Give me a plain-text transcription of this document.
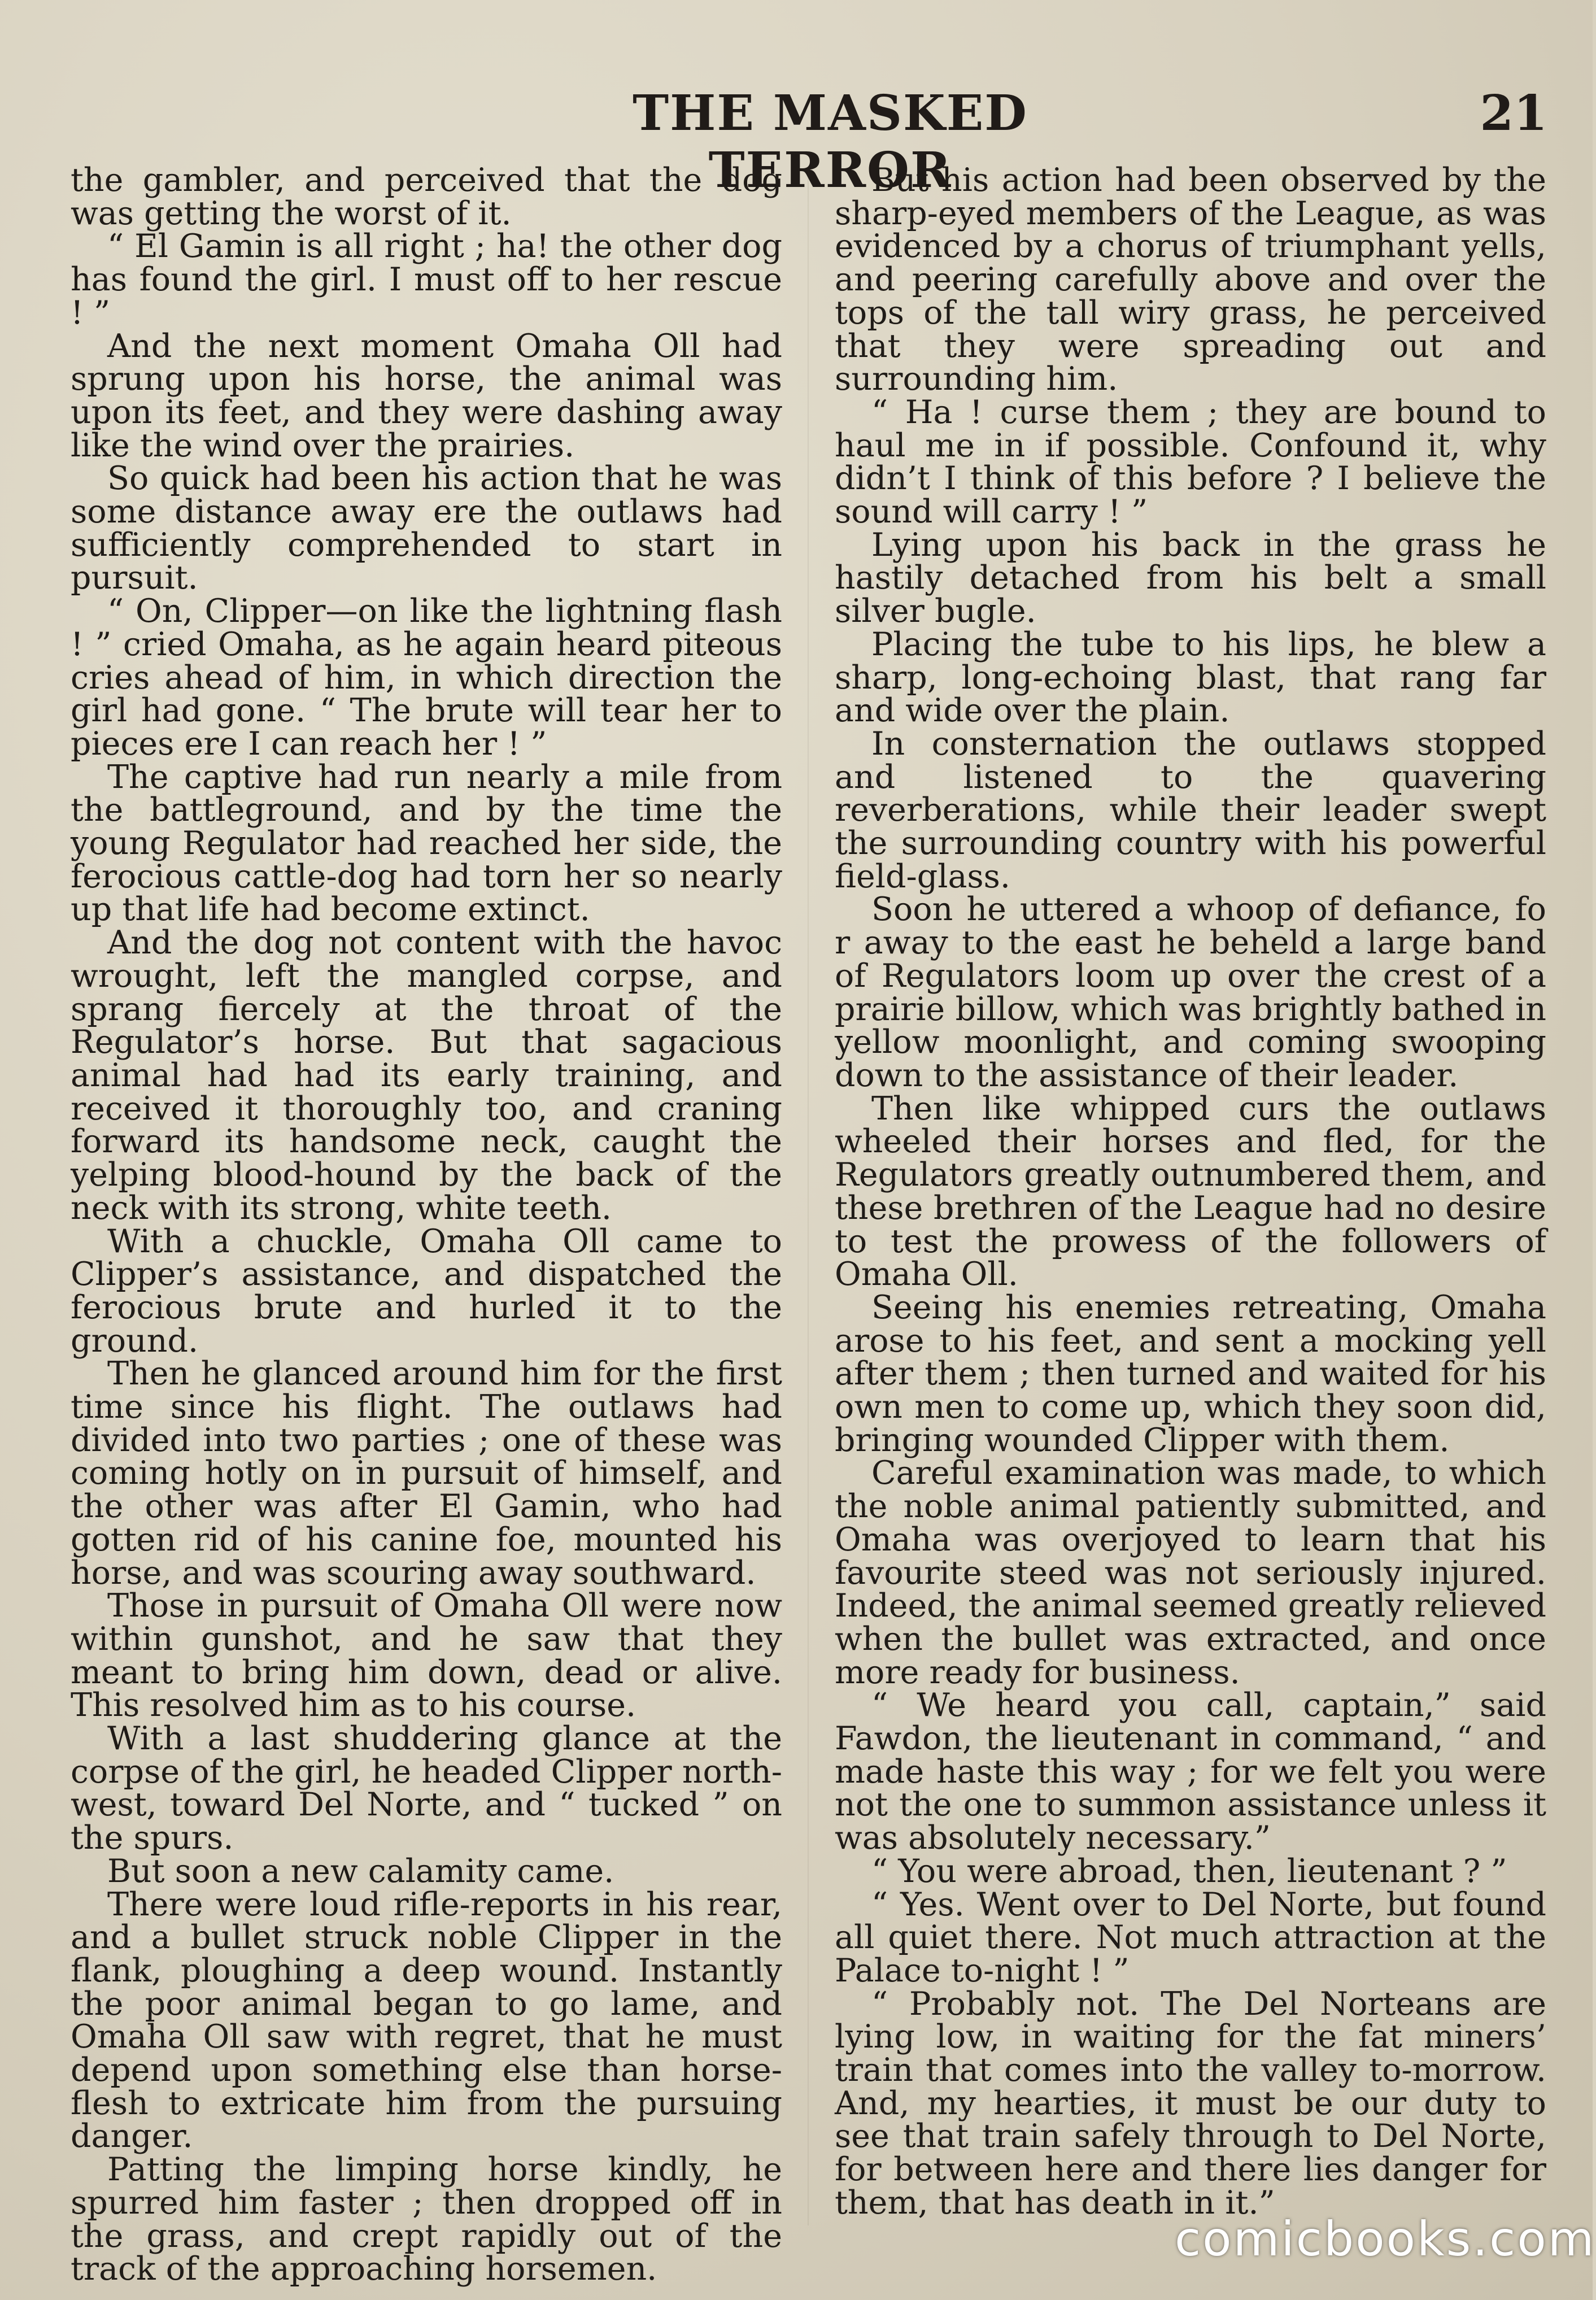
THE MASKED TERROR
21

the gambler, and perceived that the dog was getting the worst of it.

“ El Gamin is all right ; ha! the other dog has found the girl. I must off to her rescue ! ”

And the next moment Omaha Oll had sprung upon his horse, the animal was upon its feet, and they were dashing away like the wind over the prairies.

So quick had been his action that he was some distance away ere the outlaws had sufficiently comprehended to start in pursuit.

“ On, Clipper—on like the lightning flash ! ” cried Omaha, as he again heard piteous cries ahead of him, in which direction the girl had gone. “ The brute will tear her to pieces ere I can reach her ! ”

The captive had run nearly a mile from the battleground, and by the time the young Regulator had reached her side, the ferocious cattle-dog had torn her so nearly up that life had become extinct.

And the dog not content with the havoc wrought, left the mangled corpse, and sprang fiercely at the throat of the Regulator’s horse. But that sagacious animal had had its early training, and received it thoroughly too, and craning forward its handsome neck, caught the yelping blood-hound by the back of the neck with its strong, white teeth.

With a chuckle, Omaha Oll came to Clipper’s assistance, and dispatched the ferocious brute and hurled it to the ground.

Then he glanced around him for the first time since his flight. The outlaws had divided into two parties ; one of these was coming hotly on in pursuit of himself, and the other was after El Gamin, who had gotten rid of his canine foe, mounted his horse, and was scouring away southward.

Those in pursuit of Omaha Oll were now within gunshot, and he saw that they meant to bring him down, dead or alive. This resolved him as to his course.

With a last shuddering glance at the corpse of the girl, he headed Clipper north-west, toward Del Norte, and “ tucked ” on the spurs.

But soon a new calamity came.

There were loud rifle-reports in his rear, and a bullet struck noble Clipper in the flank, ploughing a deep wound. Instantly the poor animal began to go lame, and Omaha Oll saw with regret, that he must depend upon something else than horse-flesh to extricate him from the pursuing danger.

Patting the limping horse kindly, he spurred him faster ; then dropped off in the grass, and crept rapidly out of the track of the approaching horsemen.

But his action had been observed by the sharp-eyed members of the League, as was evidenced by a chorus of triumphant yells, and peering carefully above and over the tops of the tall wiry grass, he perceived that they were spreading out and surrounding him.

“ Ha ! curse them ; they are bound to haul me in if possible. Confound it, why didn’t I think of this before ? I believe the sound will carry ! ”

Lying upon his back in the grass he hastily detached from his belt a small silver bugle.

Placing the tube to his lips, he blew a sharp, long-echoing blast, that rang far and wide over the plain.

In consternation the outlaws stopped and listened to the quavering reverberations, while their leader swept the surrounding country with his powerful field-glass.

Soon he uttered a whoop of defiance, fo r away to the east he beheld a large band of Regulators loom up over the crest of a prairie billow, which was brightly bathed in yellow moonlight, and coming swooping down to the assistance of their leader.

Then like whipped curs the outlaws wheeled their horses and fled, for the Regulators greatly outnumbered them, and these brethren of the League had no desire to test the prowess of the followers of Omaha Oll.

Seeing his enemies retreating, Omaha arose to his feet, and sent a mocking yell after them ; then turned and waited for his own men to come up, which they soon did, bringing wounded Clipper with them.

Careful examination was made, to which the noble animal patiently submitted, and Omaha was overjoyed to learn that his favourite steed was not seriously injured. Indeed, the animal seemed greatly relieved when the bullet was extracted, and once more ready for business.

“ We heard you call, captain,” said Fawdon, the lieutenant in command, “ and made haste this way ; for we felt you were not the one to summon assistance unless it was absolutely necessary.”

“ You were abroad, then, lieutenant ? ”

“ Yes. Went over to Del Norte, but found all quiet there. Not much attraction at the Palace to-night ! ”

“ Probably not. The Del Norteans are lying low, in waiting for the fat miners’ train that comes into the valley to-morrow. And, my hearties, it must be our duty to see that train safely through to Del Norte, for between here and there lies danger for them, that has death in it.”

comicbooks.com
